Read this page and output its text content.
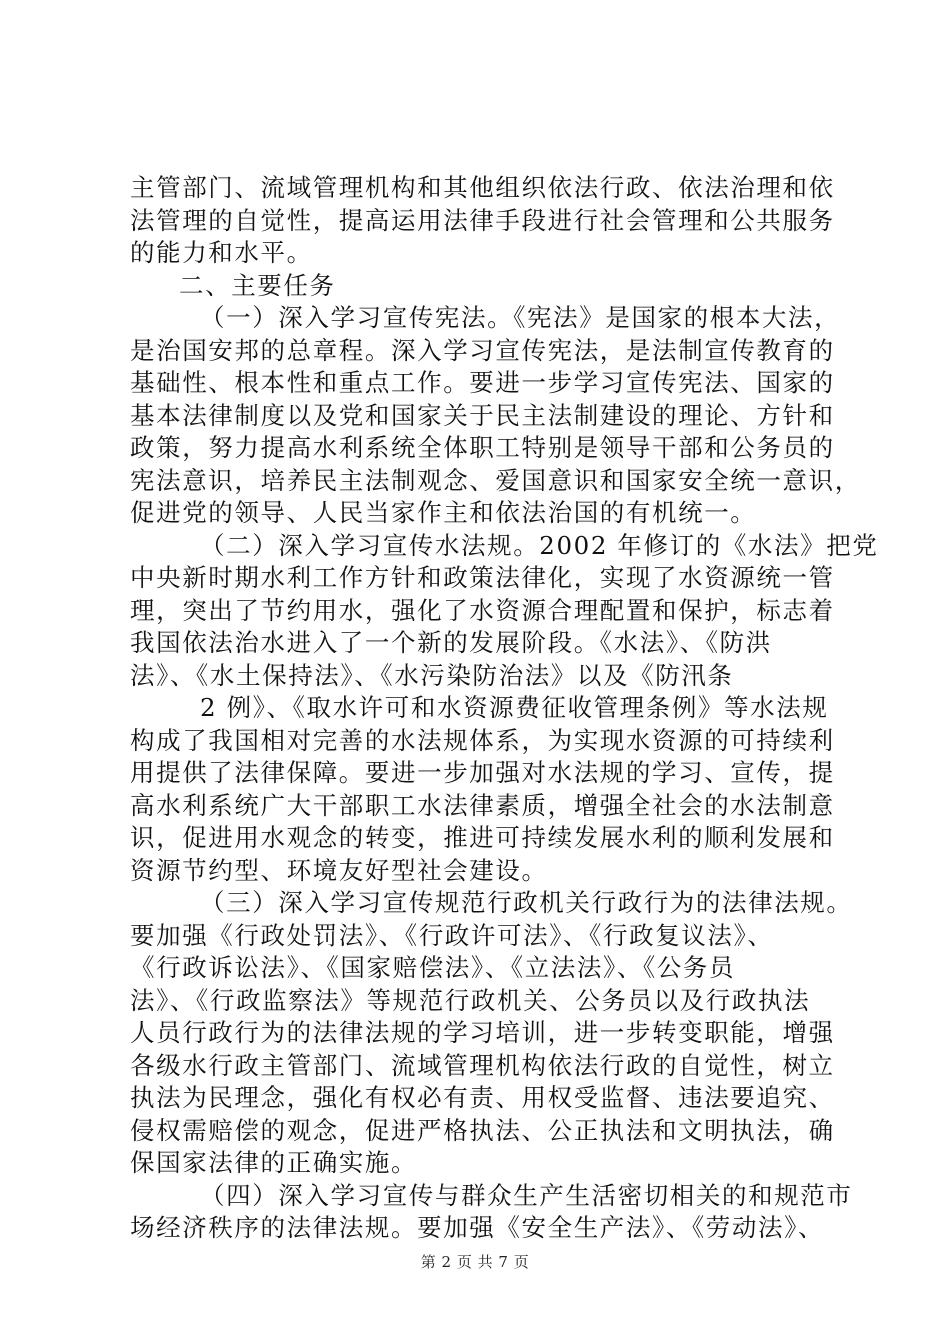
主管部门、流域管理机构和其他组织依法行政、依法治理和依
法管理的自觉性，提高运用法律手段进行社会管理和公共服务
的能力和水平。
二、主要任务
（一）深入学习宣传宪法。《宪法》是国家的根本大法，
是治国安邦的总章程。深入学习宣传宪法，是法制宣传教育的
基础性、根本性和重点工作。要进一步学习宣传宪法、国家的
基本法律制度以及党和国家关于民主法制建设的理论、方针和
政策，努力提高水利系统全体职工特别是领导干部和公务员的
宪法意识，培养民主法制观念、爱国意识和国家安全统一意识，
促进党的领导、人民当家作主和依法治国的有机统一。
（二）深入学习宣传水法规。2002 年修订的《水法》把党
中央新时期水利工作方针和政策法律化，实现了水资源统一管
理，突出了节约用水，强化了水资源合理配置和保护，标志着
我国依法治水进入了一个新的发展阶段。《水法》、《防洪
法》、《水土保持法》、《水污染防治法》以及《防汛条
2 例》、《取水许可和水资源费征收管理条例》等水法规
构成了我国相对完善的水法规体系，为实现水资源的可持续利
用提供了法律保障。要进一步加强对水法规的学习、宣传，提
高水利系统广大干部职工水法律素质，增强全社会的水法制意
识，促进用水观念的转变，推进可持续发展水利的顺利发展和
资源节约型、环境友好型社会建设。
（三）深入学习宣传规范行政机关行政行为的法律法规。
要加强《行政处罚法》、《行政许可法》、《行政复议法》、
《行政诉讼法》、《国家赔偿法》、《立法法》、《公务员
法》、《行政监察法》等规范行政机关、公务员以及行政执法
人员行政行为的法律法规的学习培训，进一步转变职能，增强
各级水行政主管部门、流域管理机构依法行政的自觉性，树立
执法为民理念，强化有权必有责、用权受监督、违法要追究、
侵权需赔偿的观念，促进严格执法、公正执法和文明执法，确
保国家法律的正确实施。
（四）深入学习宣传与群众生产生活密切相关的和规范市
场经济秩序的法律法规。要加强《安全生产法》、《劳动法》、
第 2 页 共 7 页
